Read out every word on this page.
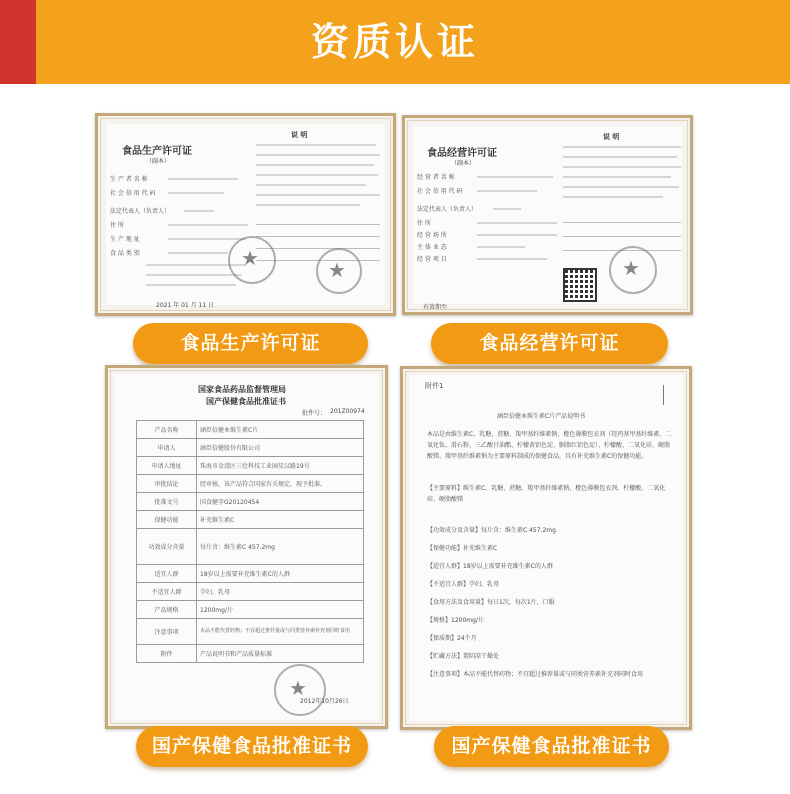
资质认证
食品生产许可证
（副本）
说 明
生 产 者 名 称
社 会 信 用 代 码
法定代表人（负责人）
住 所
生 产 地 址
食 品 类 别	★	★
2021 年 01 月 11 日
食品经营许可证
（副本）
说 明
经 营 者 名 称
社 会 信 用 代 码
法定代表人（负责人）
住 所
经 营 场 所
主 体 业 态
经 营 项 目	★
有效期至
食品生产许可证	食品经营许可证
国家食品药品监督管理局
国产保健食品批准证书
批件号： 201Z00974
产品名称	涵臣倍健®维生素C片
申请人	涵臣倍健股份有限公司
申请人地址	珠海市金湾区三灶科技工业园星汉路19号
审批结论	经审核，该产品符合国家有关规定，现予批准。
批准文号	国食健字G20120454
保健功能	补充维生素C
功效成分含量	每片含：维生素C 457.2mg
适宜人群	18岁以上需要补充维生素C的人群
不适宜人群	孕妇、乳母
产品规格	1200mg/片
注意事项	本品不能代替药物；不宜超过推荐量或与同类营养素补充剂同时食用
附件	产品说明书和产品质量标准
★
2012年10月26日
附件1
涵臣倍健®维生素C片产品说明书
本品是由维生素C、乳糖、蔗糖、羧甲基纤维素钠、橙色薄膜包衣剂（羟丙基甲基纤维素、二氧化钛、滑石粉、三乙酸甘油酯、柠檬黄铝色淀、胭脂红铝色淀）、柠檬酸、二氧化硅、硬脂酸镁、羧甲基纤维素钠为主要原料制成的保健食品，具有补充维生素C的保健功能。
【主要原料】维生素C、乳糖、蔗糖、羧甲基纤维素钠、橙色薄膜包衣剂、柠檬酸、二氧化硅、硬脂酸镁
【功效成分及含量】每片含：维生素C 457.2mg
【保健功能】补充维生素C
【适宜人群】18岁以上需要补充维生素C的人群
【不适宜人群】孕妇、乳母
【食用方法及食用量】每日1次，每次1片，口服
【规格】1200mg/片
【保质期】24个月
【贮藏方法】置阴凉干燥处
【注意事项】本品不能代替药物；不宜超过推荐量或与同类营养素补充剂同时食用
国产保健食品批准证书	国产保健食品批准证书
